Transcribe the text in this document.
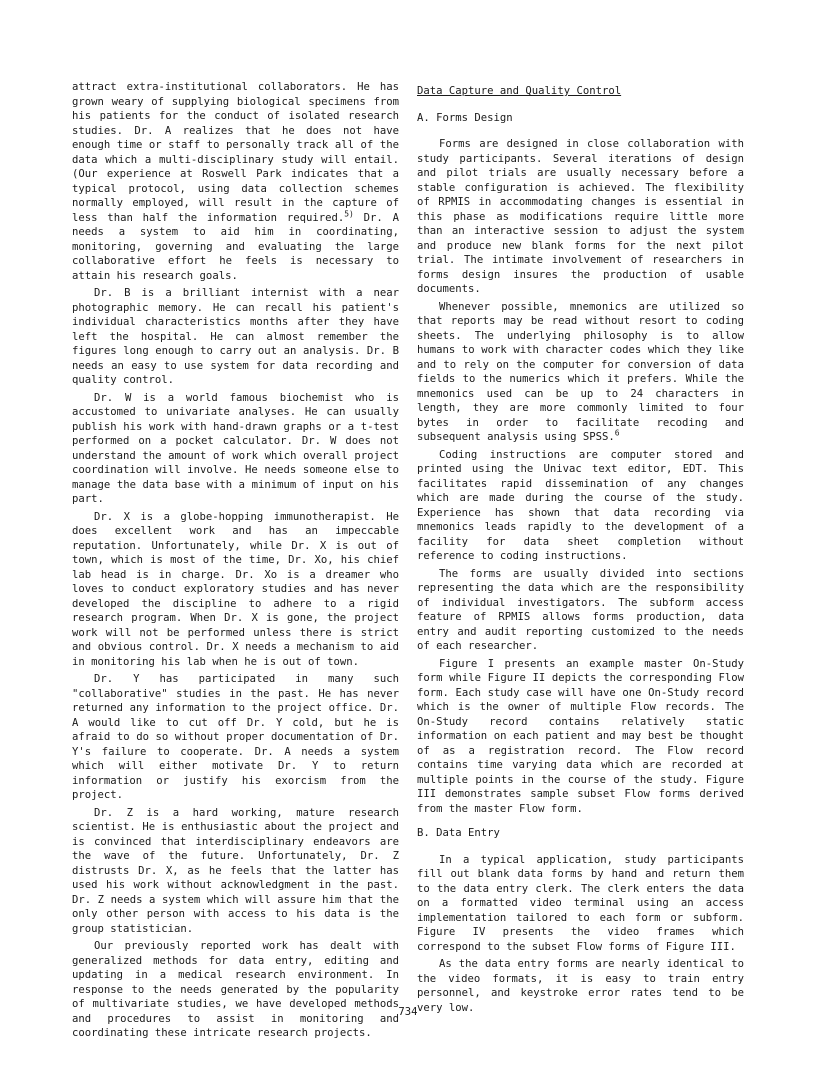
attract extra-institutional collaborators. He has grown weary of supplying biological specimens from his patients for the conduct of isolated research studies. Dr. A realizes that he does not have enough time or staff to personally track all of the data which a multi-disciplinary study will entail. (Our experience at Roswell Park indicates that a typical protocol, using data collection schemes normally employed, will result in the capture of less than half the information required.$^{5)}$ Dr. A needs a system to aid him in coordinating, monitoring, governing and evaluating the large collaborative effort he feels is necessary to attain his research goals.

Dr. B is a brilliant internist with a near photographic memory. He can recall his patient's individual characteristics months after they have left the hospital. He can almost remember the figures long enough to carry out an analysis. Dr. B needs an easy to use system for data recording and quality control.

Dr. W is a world famous biochemist who is accustomed to univariate analyses. He can usually publish his work with hand-drawn graphs or a t-test performed on a pocket calculator. Dr. W does not understand the amount of work which overall project coordination will involve. He needs someone else to manage the data base with a minimum of input on his part.

Dr. X is a globe-hopping immunotherapist. He does excellent work and has an impeccable reputation. Unfortunately, while Dr. X is out of town, which is most of the time, Dr. Xo, his chief lab head is in charge. Dr. Xo is a dreamer who loves to conduct exploratory studies and has never developed the discipline to adhere to a rigid research program. When Dr. X is gone, the project work will not be performed unless there is strict and obvious control. Dr. X needs a mechanism to aid in monitoring his lab when he is out of town.

Dr. Y has participated in many such "collaborative" studies in the past. He has never returned any information to the project office. Dr. A would like to cut off Dr. Y cold, but he is afraid to do so without proper documentation of Dr. Y's failure to cooperate. Dr. A needs a system which will either motivate Dr. Y to return information or justify his exorcism from the project.

Dr. Z is a hard working, mature research scientist. He is enthusiastic about the project and is convinced that interdisciplinary endeavors are the wave of the future. Unfortunately, Dr. Z distrusts Dr. X, as he feels that the latter has used his work without acknowledgment in the past. Dr. Z needs a system which will assure him that the only other person with access to his data is the group statistician.

Our previously reported work has dealt with generalized methods for data entry, editing and updating in a medical research environment. In response to the needs generated by the popularity of multivariate studies, we have developed methods and procedures to assist in monitoring and coordinating these intricate research projects.

Data Capture and Quality Control

A. Forms Design

Forms are designed in close collaboration with study participants. Several iterations of design and pilot trials are usually necessary before a stable configuration is achieved. The flexibility of RPMIS in accommodating changes is essential in this phase as modifications require little more than an interactive session to adjust the system and produce new blank forms for the next pilot trial. The intimate involvement of researchers in forms design insures the production of usable documents.

Whenever possible, mnemonics are utilized so that reports may be read without resort to coding sheets. The underlying philosophy is to allow humans to work with character codes which they like and to rely on the computer for conversion of data fields to the numerics which it prefers. While the mnemonics used can be up to 24 characters in length, they are more commonly limited to four bytes in order to facilitate recoding and subsequent analysis using SPSS.$^6$

Coding instructions are computer stored and printed using the Univac text editor, EDT. This facilitates rapid dissemination of any changes which are made during the course of the study. Experience has shown that data recording via mnemonics leads rapidly to the development of a facility for data sheet completion without reference to coding instructions.

The forms are usually divided into sections representing the data which are the responsibility of individual investigators. The subform access feature of RPMIS allows forms production, data entry and audit reporting customized to the needs of each researcher.

Figure I presents an example master On-Study form while Figure II depicts the corresponding Flow form. Each study case will have one On-Study record which is the owner of multiple Flow records. The On-Study record contains relatively static information on each patient and may best be thought of as a registration record. The Flow record contains time varying data which are recorded at multiple points in the course of the study. Figure III demonstrates sample subset Flow forms derived from the master Flow form.

B. Data Entry

In a typical application, study participants fill out blank data forms by hand and return them to the data entry clerk. The clerk enters the data on a formatted video terminal using an access implementation tailored to each form or subform. Figure IV presents the video frames which correspond to the subset Flow forms of Figure III.

As the data entry forms are nearly identical to the video formats, it is easy to train entry personnel, and keystroke error rates tend to be very low.

734
